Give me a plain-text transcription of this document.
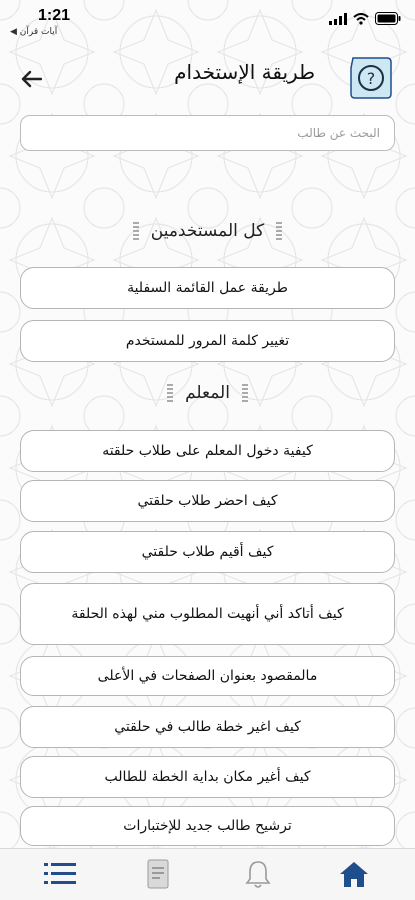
1:21
◀ آيات قرآن
طريقة الإستخدام	?
البحث عن طالب
كل المستخدمين
طريقة عمل القائمة السفلية
تغيير كلمة المرور للمستخدم
المعلم
كيفية دخول المعلم على طلاب حلقته
كيف احضر طلاب حلقتي
كيف أقيم طلاب حلقتي
كيف أتاكد أني أنهيت المطلوب مني لهذه الحلقة
مالمقصود بعنوان الصفحات في الأعلى
كيف اغير خطة طالب في حلقتي
كيف أغير مكان بداية الخطة للطالب
ترشيح طالب جديد للإختبارات
